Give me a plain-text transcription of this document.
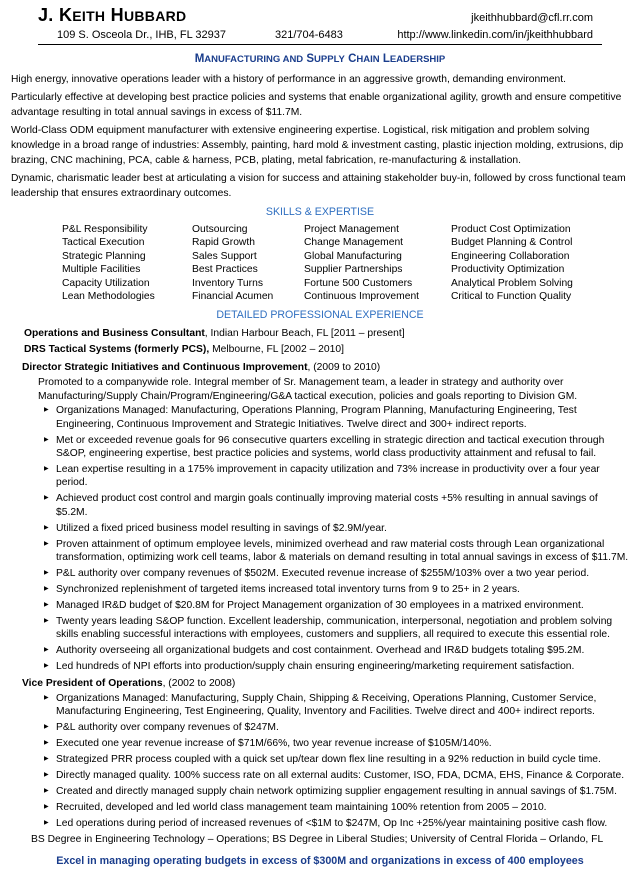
J. KEITH HUBBARD	jkeithhubbard@cfl.rr.com
109 S. Osceola Dr., IHB, FL 32937	321/704-6483	http://www.linkedin.com/in/jkeithhubbard
MANUFACTURING AND SUPPLY CHAIN LEADERSHIP
High energy, innovative operations leader with a history of performance in an aggressive growth, demanding environment.
Particularly effective at developing best practice policies and systems that enable organizational agility, growth and ensure competitive advantage resulting in total annual savings in excess of $11.7M.
World-Class ODM equipment manufacturer with extensive engineering expertise. Logistical, risk mitigation and problem solving knowledge in a broad range of industries: Assembly, painting, hard mold & investment casting, plastic injection molding, extrusions, dip brazing, CNC machining, PCA, cable & harness, PCB, plating, metal fabrication, re-manufacturing & installation.
Dynamic, charismatic leader best at articulating a vision for success and attaining stakeholder buy-in, followed by cross functional team leadership that ensures extraordinary outcomes.
SKILLS & EXPERTISE
P&L Responsibility	Outsourcing	Project Management	Product Cost Optimization
Tactical Execution	Rapid Growth	Change Management	Budget Planning & Control
Strategic Planning	Sales Support	Global Manufacturing	Engineering Collaboration
Multiple Facilities	Best Practices	Supplier Partnerships	Productivity Optimization
Capacity Utilization	Inventory Turns	Fortune 500 Customers	Analytical Problem Solving
Lean Methodologies	Financial Acumen	Continuous Improvement	Critical to Function Quality
DETAILED PROFESSIONAL EXPERIENCE
Operations and Business Consultant, Indian Harbour Beach, FL [2011 – present]
DRS Tactical Systems (formerly PCS), Melbourne, FL [2002 – 2010]
Director Strategic Initiatives and Continuous Improvement, (2009 to 2010)
Promoted to a companywide role. Integral member of Sr. Management team, a leader in strategy and authority over Manufacturing/Supply Chain/Program/Engineering/G&A tactical execution, policies and goals reporting to Division GM.
▶ Organizations Managed: Manufacturing, Operations Planning, Program Planning, Manufacturing Engineering, Test Engineering, Continuous Improvement and Strategic Initiatives. Twelve direct and 300+ indirect reports.
▶ Met or exceeded revenue goals for 96 consecutive quarters excelling in strategic direction and tactical execution through S&OP, engineering expertise, best practice policies and systems, world class productivity attainment and refusal to fail.
▶ Lean expertise resulting in a 175% improvement in capacity utilization and 73% increase in productivity over a four year period.
▶ Achieved product cost control and margin goals continually improving material costs +5% resulting in annual savings of $5.2M.
▶ Utilized a fixed priced business model resulting in savings of $2.9M/year.
▶ Proven attainment of optimum employee levels, minimized overhead and raw material costs through Lean organizational transformation, optimizing work cell teams, labor & materials on demand resulting in total annual savings in excess of $11.7M.
▶ P&L authority over company revenues of $502M. Executed revenue increase of $255M/103% over a two year period.
▶ Synchronized replenishment of targeted items increased total inventory turns from 9 to 25+ in 2 years.
▶ Managed IR&D budget of $20.8M for Project Management organization of 30 employees in a matrixed environment.
▶ Twenty years leading S&OP function. Excellent leadership, communication, interpersonal, negotiation and problem solving skills enabling successful interactions with employees, customers and suppliers, all required to execute this essential role.
▶ Authority overseeing all organizational budgets and cost containment. Overhead and IR&D budgets totaling $95.2M.
▶ Led hundreds of NPI efforts into production/supply chain ensuring engineering/marketing requirement satisfaction.
Vice President of Operations, (2002 to 2008)
▶ Organizations Managed: Manufacturing, Supply Chain, Shipping & Receiving, Operations Planning, Customer Service, Manufacturing Engineering, Test Engineering, Quality, Inventory and Facilities. Twelve direct and 400+ indirect reports.
▶ P&L authority over company revenues of $247M.
▶ Executed one year revenue increase of $71M/66%, two year revenue increase of $105M/140%.
▶ Strategized PRR process coupled with a quick set up/tear down flex line resulting in a 92% reduction in build cycle time.
▶ Directly managed quality. 100% success rate on all external audits: Customer, ISO, FDA, DCMA, EHS, Finance & Corporate.
▶ Created and directly managed supply chain network optimizing supplier engagement resulting in annual savings of $1.75M.
▶ Recruited, developed and led world class management team maintaining 100% retention from 2005 – 2010.
▶ Led operations during period of increased revenues of <$1M to $247M, Op Inc +25%/year maintaining positive cash flow.
BS Degree in Engineering Technology – Operations; BS Degree in Liberal Studies; University of Central Florida – Orlando, FL
Excel in managing operating budgets in excess of $300M and organizations in excess of 400 employees
